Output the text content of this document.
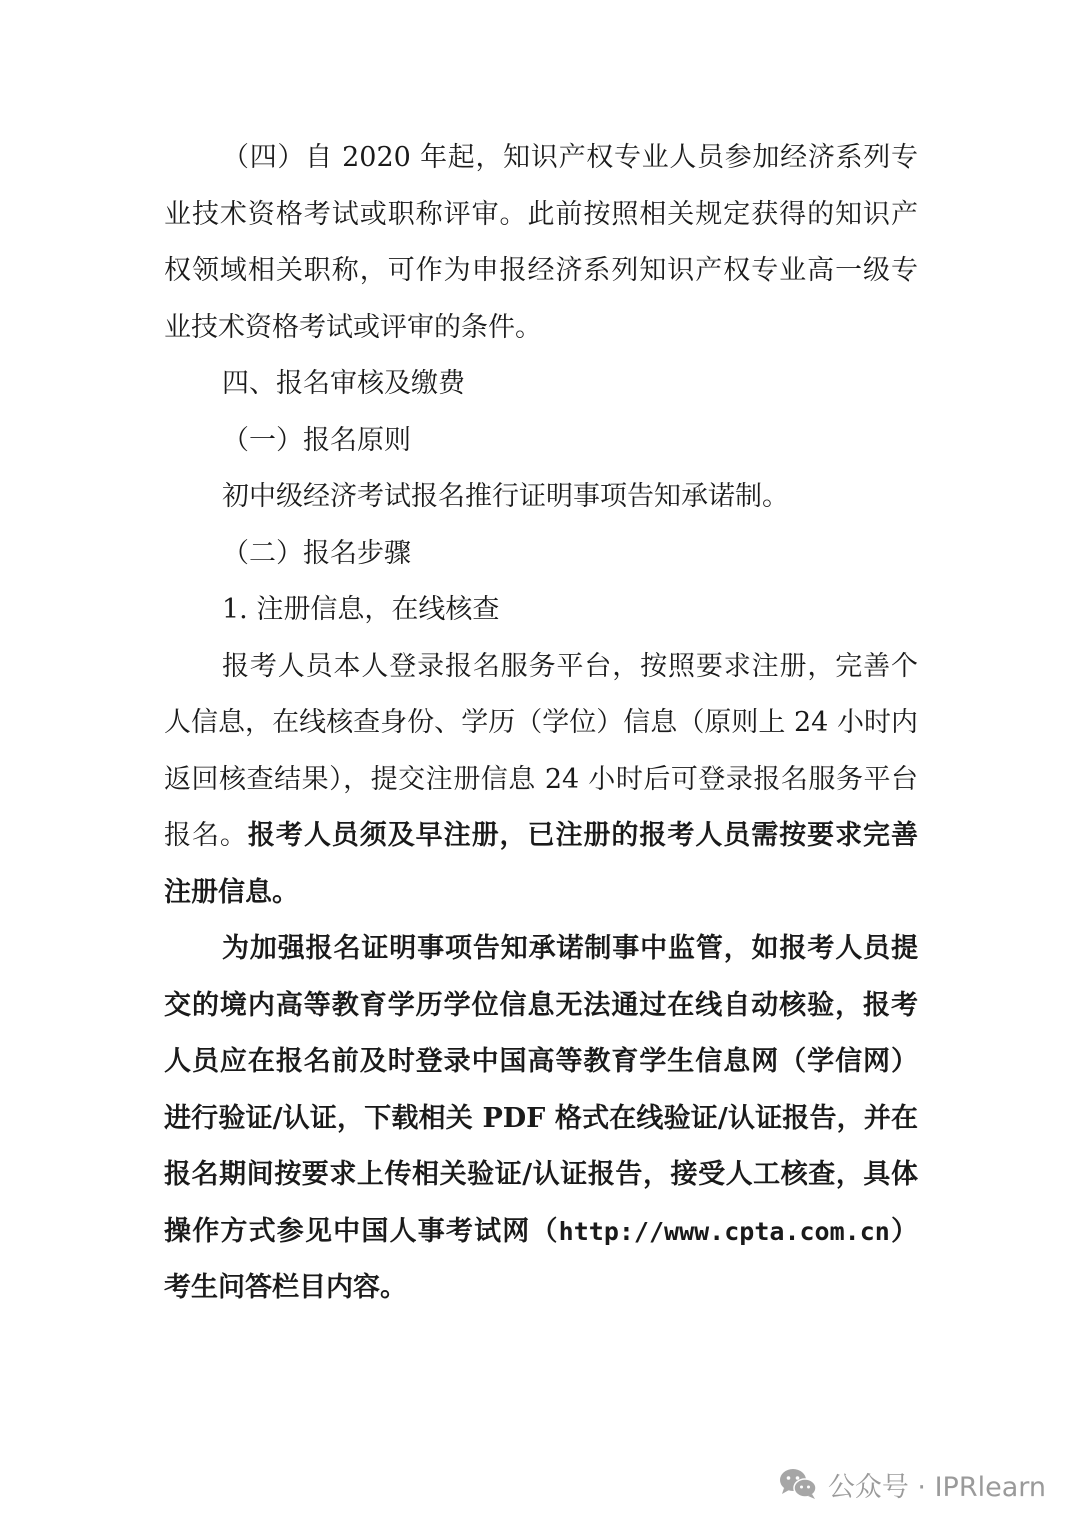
（四）自 2020 年起，知识产权专业人员参加经济系列专业技术资格考试或职称评审。此前按照相关规定获得的知识产权领域相关职称，可作为申报经济系列知识产权专业高一级专业技术资格考试或评审的条件。

四、报名审核及缴费

（一）报名原则

初中级经济考试报名推行证明事项告知承诺制。

（二）报名步骤

1. 注册信息，在线核查

报考人员本人登录报名服务平台，按照要求注册，完善个人信息，在线核查身份、学历（学位）信息（原则上 24 小时内返回核查结果），提交注册信息 24 小时后可登录报名服务平台报名。报考人员须及早注册，已注册的报考人员需按要求完善注册信息。

为加强报名证明事项告知承诺制事中监管，如报考人员提交的境内高等教育学历学位信息无法通过在线自动核验，报考人员应在报名前及时登录中国高等教育学生信息网（学信网）进行验证/认证，下载相关 PDF 格式在线验证/认证报告，并在报名期间按要求上传相关验证/认证报告，接受人工核查，具体操作方式参见中国人事考试网（http://www.cpta.com.cn）考生问答栏目内容。

公众号 · IPRlearn
